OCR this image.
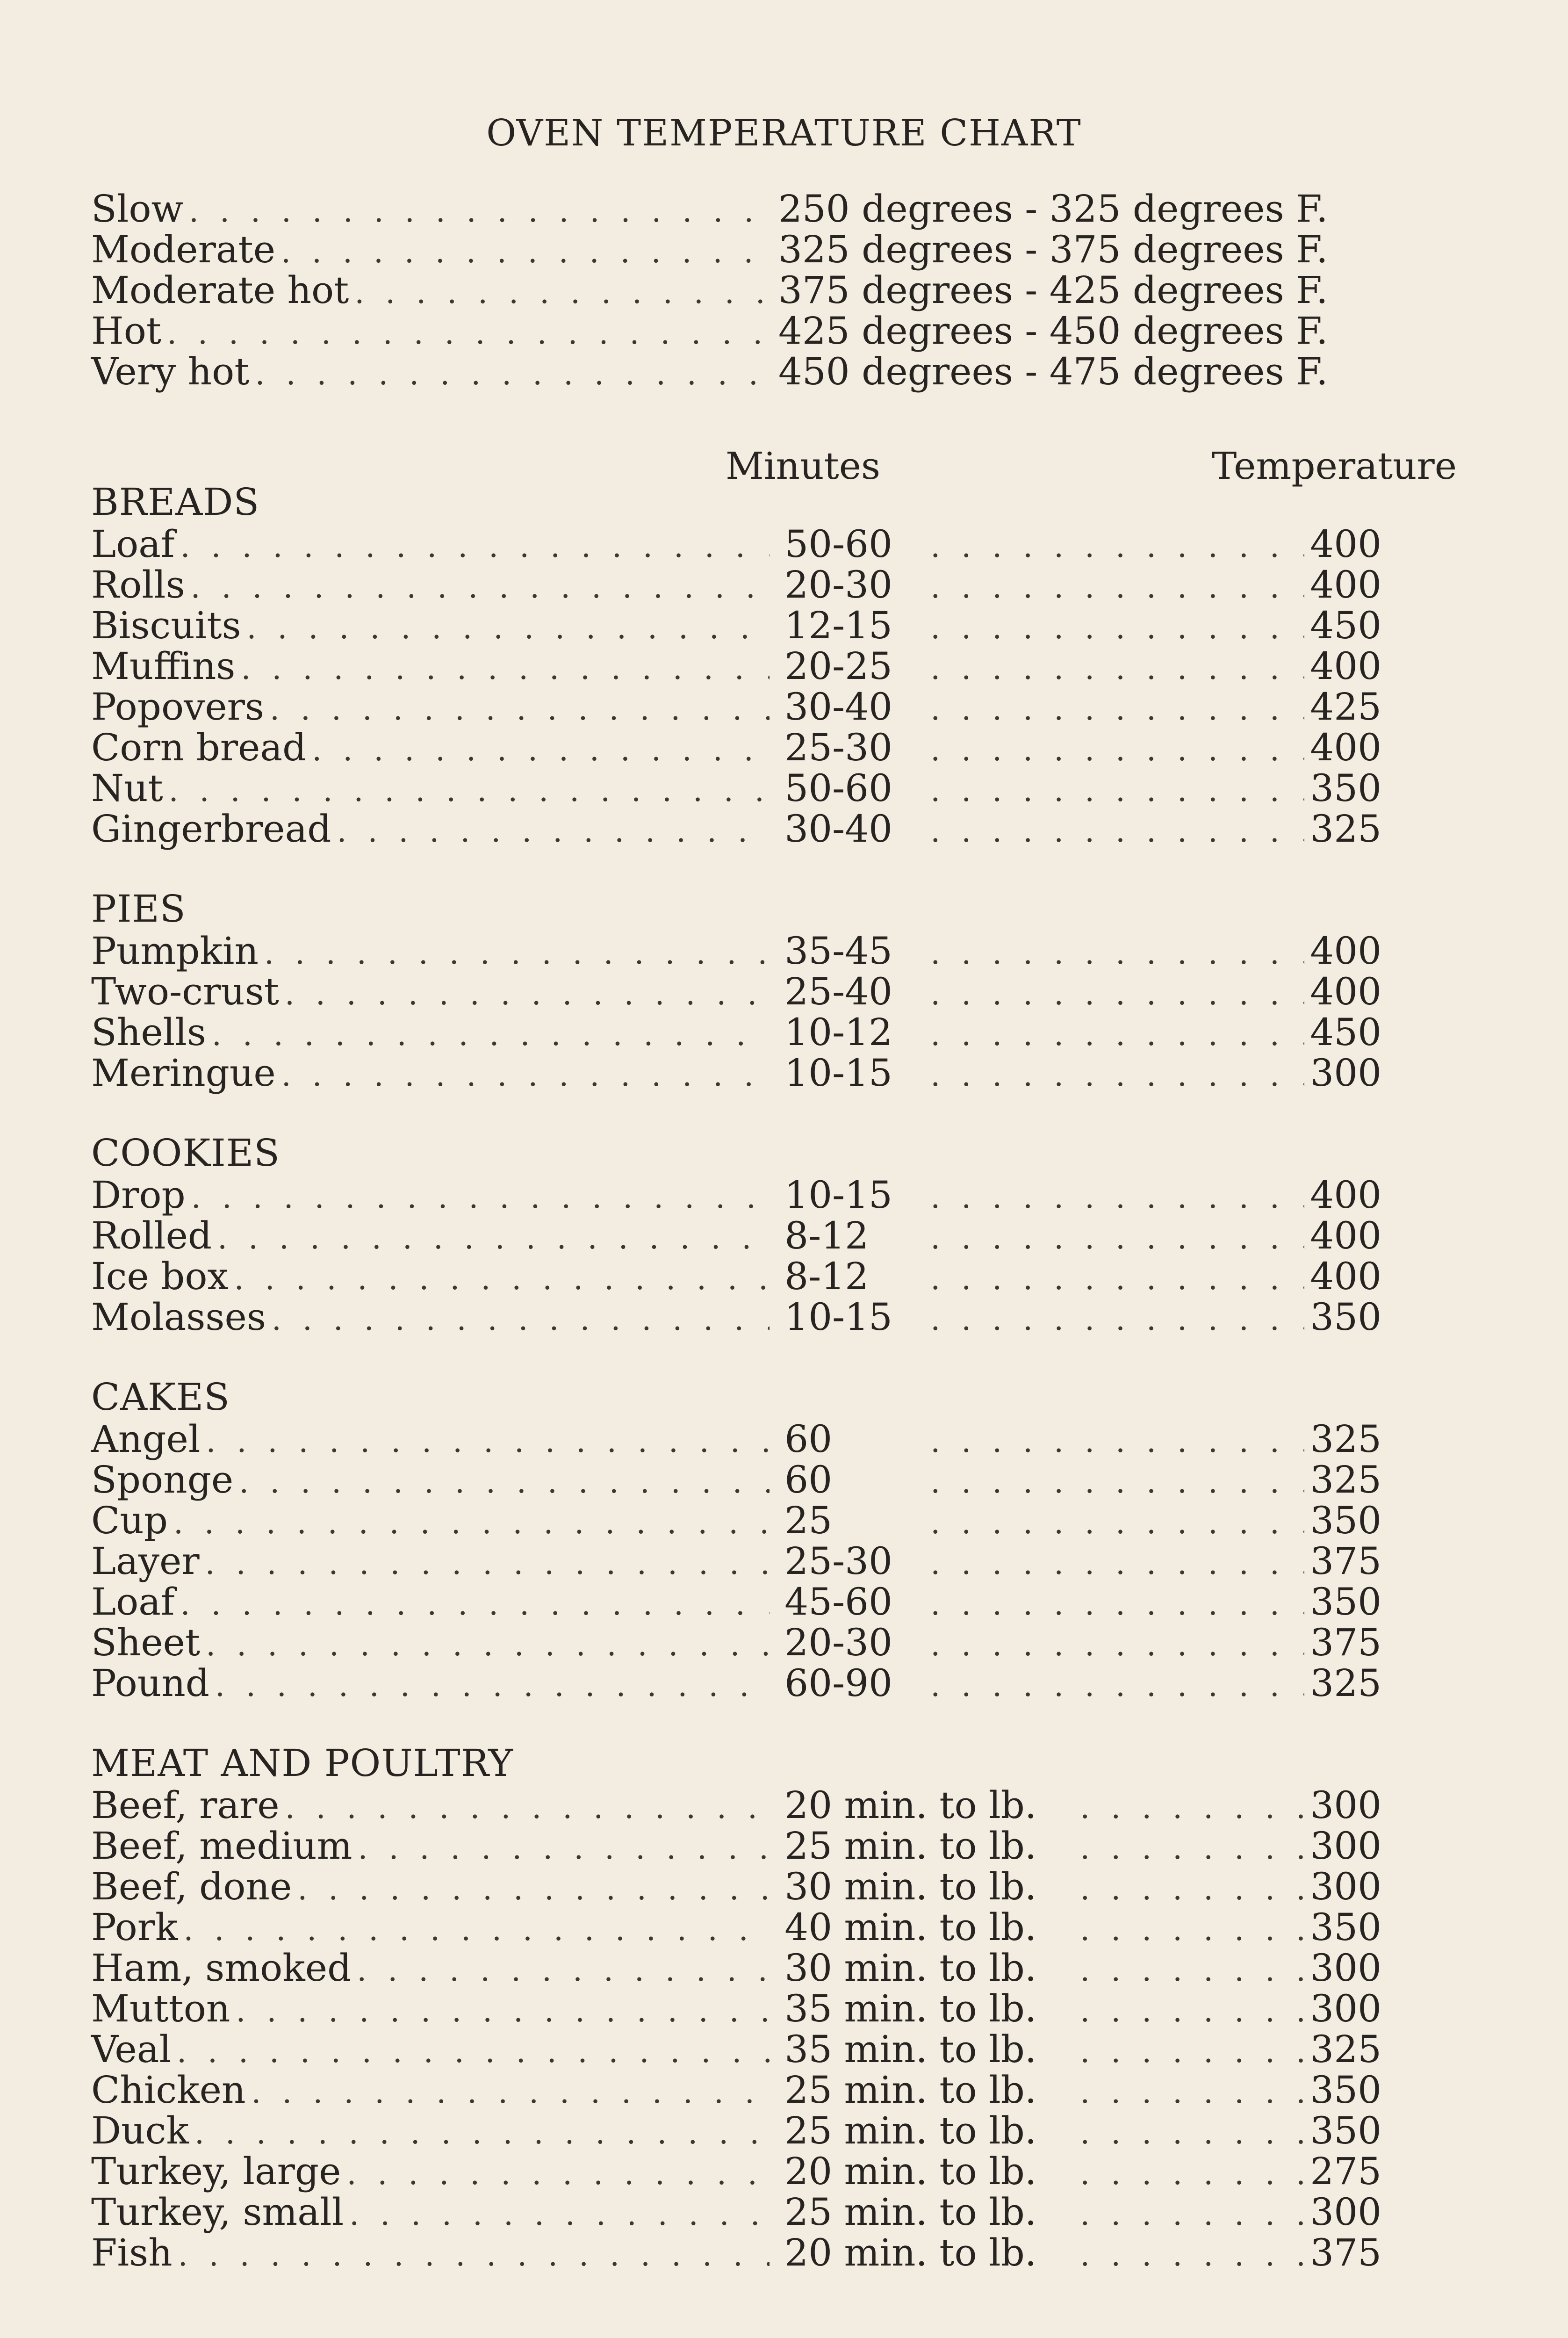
OVEN TEMPERATURE CHART
Slow . . .	250 degrees - 325 degrees F.
Moderate . . .	325 degrees - 375 degrees F.
Moderate hot . . .	375 degrees - 425 degrees F.
Hot . . .	425 degrees - 450 degrees F.
Very hot . . .	450 degrees - 475 degrees F.
Minutes	Temperature
BREADS
Loaf . . .	50-60 . . .	400
Rolls . . .	20-30 . . .	400
Biscuits . . .	12-15 . . .	450
Muffins . . .	20-25 . . .	400
Popovers . . .	30-40 . . .	425
Corn bread . . .	25-30 . . .	400
Nut . . .	50-60 . . .	350
Gingerbread . . .	30-40 . . .	325
PIES
Pumpkin . . .	35-45 . . .	400
Two-crust . . .	25-40 . . .	400
Shells . . .	10-12 . . .	450
Meringue . . .	10-15 . . .	300
COOKIES
Drop . . .	10-15 . . .	400
Rolled . . .	8-12 . . .	400
Ice box . . .	8-12 . . .	400
Molasses . . .	10-15 . . .	350
CAKES
Angel . . .	60 . . .	325
Sponge . . .	60 . . .	325
Cup . . .	25 . . .	350
Layer . . .	25-30 . . .	375
Loaf . . .	45-60 . . .	350
Sheet . . .	20-30 . . .	375
Pound . . .	60-90 . . .	325
MEAT AND POULTRY
Beef, rare . . .	20 min. to lb. . . .	300
Beef, medium . . .	25 min. to lb. . . .	300
Beef, done . . .	30 min. to lb. . . .	300
Pork . . .	40 min. to lb. . . .	350
Ham, smoked . . .	30 min. to lb. . . .	300
Mutton . . .	35 min. to lb. . . .	300
Veal . . .	35 min. to lb. . . .	325
Chicken . . .	25 min. to lb. . . .	350
Duck . . .	25 min. to lb. . . .	350
Turkey, large . . .	20 min. to lb. . . .	275
Turkey, small . . .	25 min. to lb. . . .	300
Fish . . .	20 min. to lb. . . .	375
